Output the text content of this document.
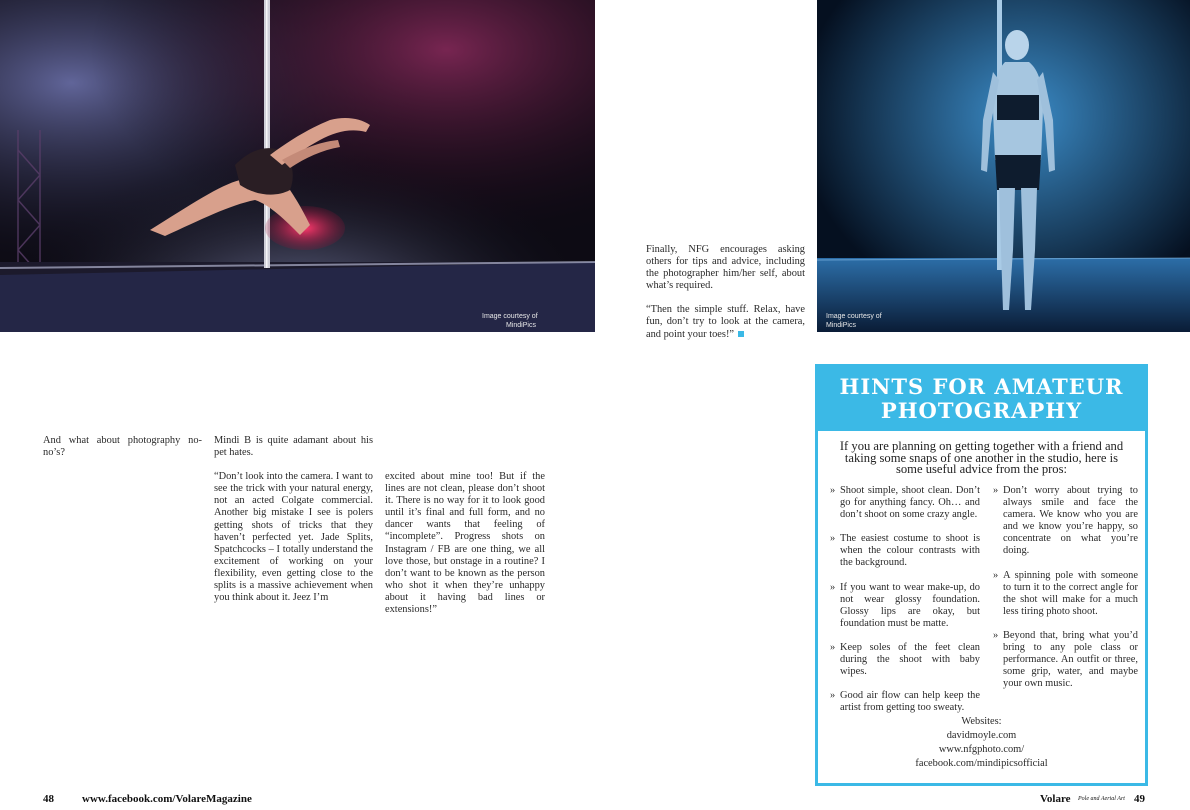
Image courtesy of
MindiPics
Image courtesy of
MindiPics

Finally, NFG encourages asking others for tips and advice, including the photographer him/her self, about what’s required.

“Then the simple stuff. Relax, have fun, don’t try to look at the camera, and point your toes!”

And what about photography no-no’s?

Mindi B is quite adamant about his pet hates.

“Don’t look into the camera. I want to see the trick with your natural energy, not an acted Colgate commercial. Another big mistake I see is polers getting shots of tricks that they haven’t perfected yet. Jade Splits, Spatchcocks – I totally understand the excitement of working on your flexibility, even getting close to the splits is a massive achievement when you think about it. Jeez I’m

excited about mine too! But if the lines are not clean, please don’t shoot it. There is no way for it to look good until it’s final and full form, and no dancer wants that feeling of “incomplete”. Progress shots on Instagram / FB are one thing, we all love those, but onstage in a routine? I don’t want to be known as the person who shot it when they’re unhappy about it having bad lines or extensions!”

HINTS FOR AMATEUR
PHOTOGRAPHY
If you are planning on getting together with a friend and taking some snaps of one another in the studio, here is some useful advice from the pros:
» Shoot simple, shoot clean. Don’t go for anything fancy. Oh… and don’t shoot on some crazy angle.
» The easiest costume to shoot is when the colour contrasts with the background.
» If you want to wear make-up, do not wear glossy foundation. Glossy lips are okay, but foundation must be matte.
» Keep soles of the feet clean during the shoot with baby wipes.
» Good air flow can help keep the artist from getting too sweaty.
» Don’t worry about trying to always smile and face the camera. We know who you are and we know you’re happy, so concentrate on what you’re doing.
» A spinning pole with someone to turn it to the correct angle for the shot will make for a much less tiring photo shoot.
» Beyond that, bring what you’d bring to any pole class or performance. An outfit or three, some grip, water, and maybe your own music.
Websites:
davidmoyle.com
www.nfgphoto.com/
facebook.com/mindipicsofficial
48	www.facebook.com/VolareMagazine	Volare Pole and Aerial Art 49
